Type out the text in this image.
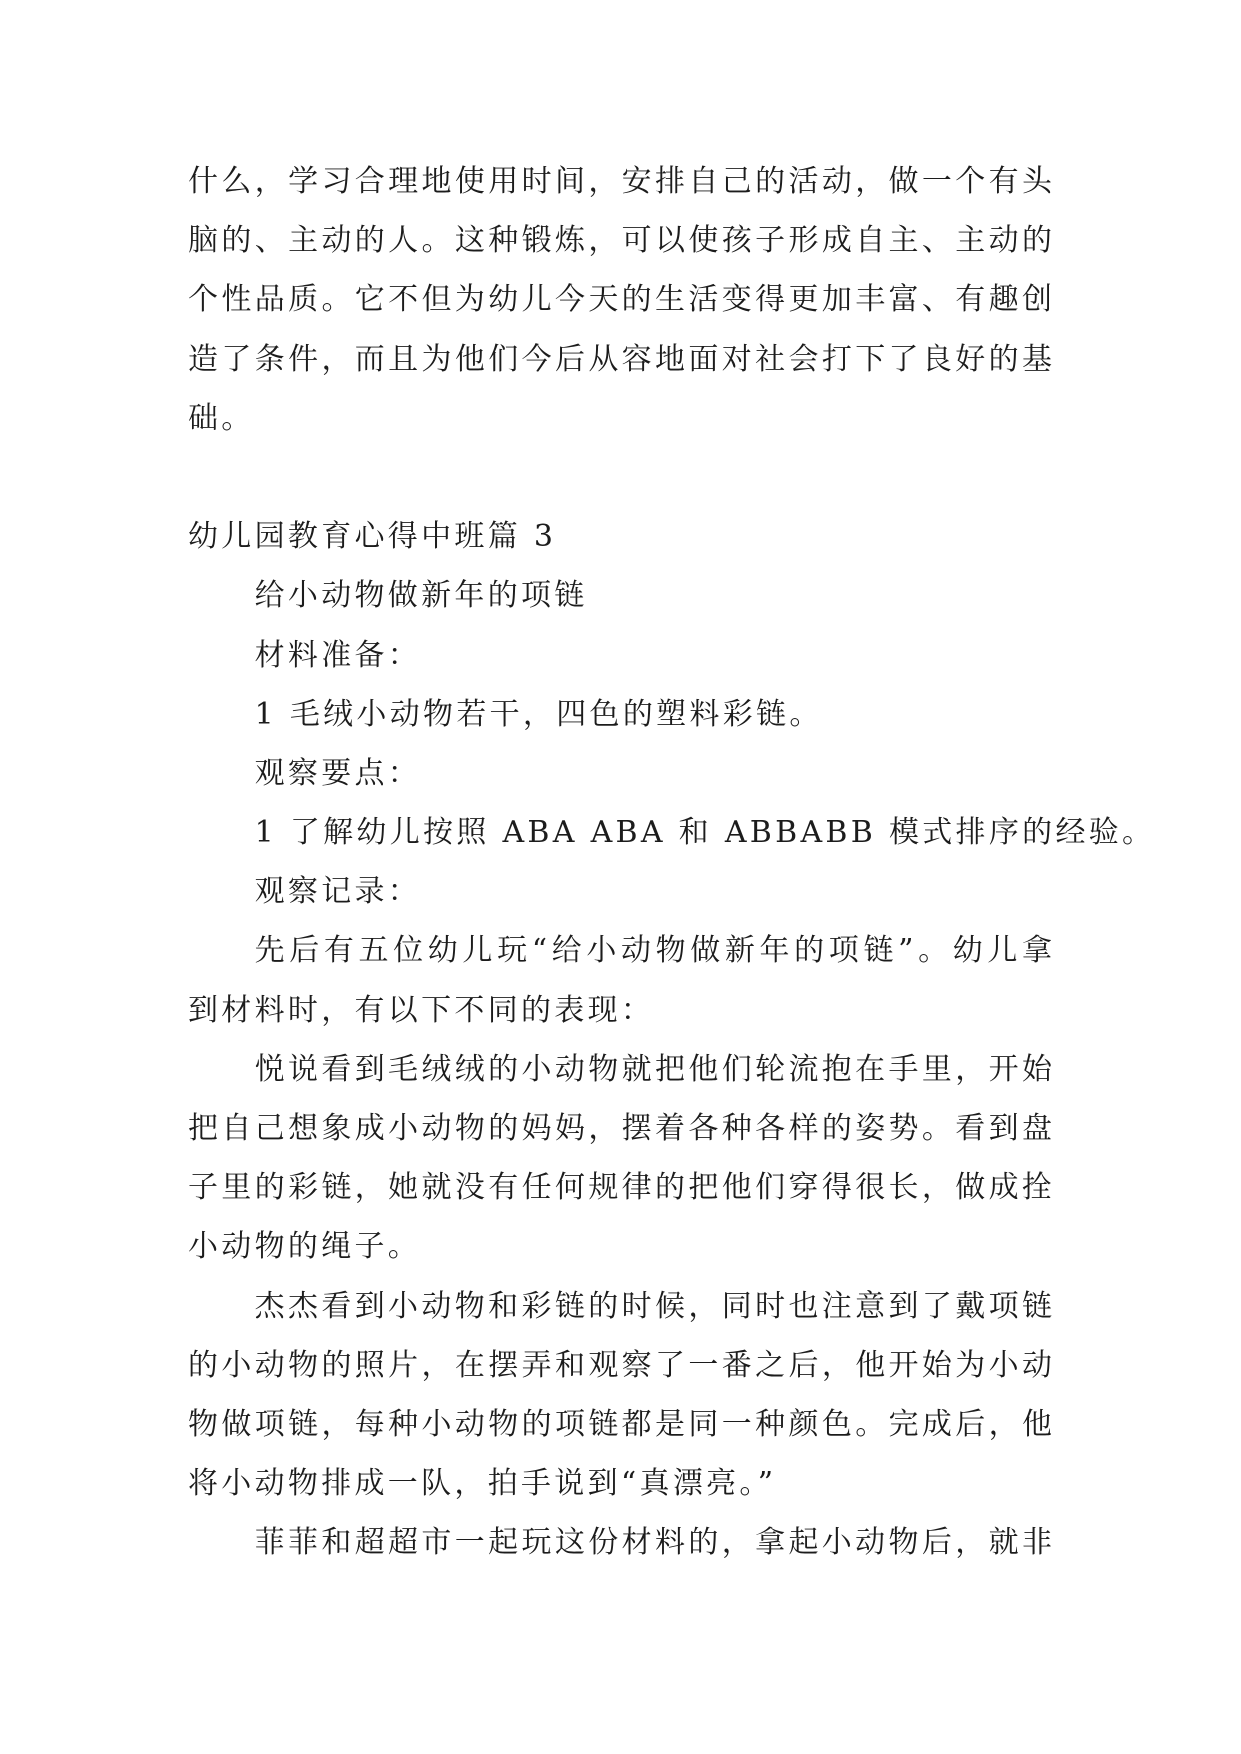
什么，学习合理地使用时间，安排自己的活动，做一个有头
脑的、主动的人。这种锻炼，可以使孩子形成自主、主动的
个性品质。它不但为幼儿今天的生活变得更加丰富、有趣创
造了条件，而且为他们今后从容地面对社会打下了良好的基
础。
幼儿园教育心得中班篇 3
给小动物做新年的项链
材料准备：
1 毛绒小动物若干，四色的塑料彩链。
观察要点：
1 了解幼儿按照 ABA ABA 和 ABBABB 模式排序的经验。
观察记录：
先后有五位幼儿玩“给小动物做新年的项链”。幼儿拿
到材料时，有以下不同的表现：
悦说看到毛绒绒的小动物就把他们轮流抱在手里，开始
把自己想象成小动物的妈妈，摆着各种各样的姿势。看到盘
子里的彩链，她就没有任何规律的把他们穿得很长，做成拴
小动物的绳子。
杰杰看到小动物和彩链的时候，同时也注意到了戴项链
的小动物的照片，在摆弄和观察了一番之后，他开始为小动
物做项链，每种小动物的项链都是同一种颜色。完成后，他
将小动物排成一队，拍手说到“真漂亮。”
菲菲和超超市一起玩这份材料的，拿起小动物后，就非
